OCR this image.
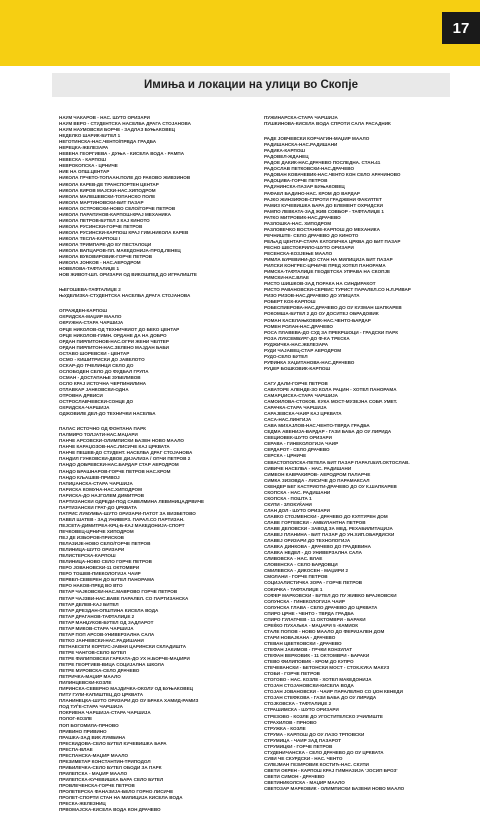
17
Имиња и локации на улици во Скопје
НАУМ ЧАКАРОВ - НАС. ШУТО ОРИЗАРИ
НАУМ ВЕРО - СТУДЕНТСКА НАСЕЛБА ДРАГА СТОЈАНОВА
НАУМ НАУМОВСКИ БОРЧЕ - ЗАДЛАЗ БУЊАКОВЕЦ
НЕДЕЛКО ШАРИК-БУТЕЛ 1
НЕГОТИНСКА-НАС.ЧЕНТО/ПРВДА ГРАДБА
НЕРЕЦКА-ЖЕЛЕЗАРА
НЕВЕНА ГЕОРГИЕВА - ДУЊА - КИСЕЛА ВОДА - РАМПА
НЕВЕСКА - КАРПОШ
НЕВРОКОПСКА - ЦРНИЧЕ
НИЕ НА ОПШ.ЦЕНТАР
НИКОЛА ГРЧЕТО-ТОПААН.ПОЛЕ ДО РАКОВО ЖИВЗИНОВ
НИКОЛА КАРЕВ-ДЕ ТРАНСПОРТЕН ЦЕНТАР
НИКОЛА КИРОВ МАЈСКИ-НАС.ХИПОДРОМ
НИКОЛА МАЛЕШЕВСКИ-ТОПАНСКО ПОЛЕ
НИКОЛА МАРТИНОВСКИ-БИТ ПАЗАР
НИКОЛА ОСТРОВСКИ-НОВО СЕЛО/ГОРЧЕ ПЕТРОВ
НИКОЛА ПАРАПУНОВ-КАРПОШ-КРАЈ МЕХАНИКА
НИКОЛА ПЕТРОВ-БУТЕЛ 2 КАЈ КИНОТО
НИКОЛА РУСИНСКИ-ГОРЧЕ ПЕТРОВ
НИКОЛА РУСИНСКИ-КАРПОШ КРАЈ ГИМ.НИКОЛА КАРЕВ
НИКОЛА ТЕСЛА-КАРПОШ І
НИКОЛА ТРИМПАРЕ-ДО ЕУ ПЕСТАЛОЦИ
НИКОЛА ВАПЦАРОВ-ПЛ. МАКЕДОНИЈА-ПРОД.ЛЕНЕЦ
НИКОЛА ВУКОВИРОВИК-ГОРЧЕ ПЕТРОВ
НИКОЛА ЈОНКОВ - НАС.АЕРОДРОМ
НОВЕЛОВА-ТАФТАЛИЏЕ 1
НОВ ЖИВОТ-ШЛ. ОРИЗАРИ ОД ВИКОШПЕД ДО ИГРАЛИШТЕ
ЊЕГОШЕВА-ТАФТАЛИЏЕ 2
ЊУДЕЛИЗКА-СТУДЕНТСКА НАСЕЛБА ДРАГА СТОЈАНОВА
ОГРАЖДЕН-КАРПОШ
ОХРИДСКА-МАЏИР МААЛО
ОКРУЖНА-СТАРА ЧАРШИЈА
ОРЦЕ НИКОЛОВ-ОД ТЕХНИЧКИОТ ДО БЕКО ЦЕНТАР
ОРЦЕ НИКОЛОВ-ГИМН. ОРДАНЕ ДА НА ДОБРО
ОРДАН ПИРЛИТОНОВ-НАС.ОГРИ ЖЕНИ ЧЕЛТЕР
ОРДАН ПИРЛИТОН-НАС.ЗЕЛЕНО МАЈДАН БАБИ
ОСТАВО ШОРЕВСКИ - ЦЕНТАР
ОСМО - КИШИТРИСКИ ДО ЈАВЕЛОТО
ОСКАР-ДО ПЧЕЛИНЦИ СЕЛО ДО
ОСЛОБОДЕН СЕЛО ДО ФУДБАЛ ГРУПА
ОСМАН - ДОСТАПАЊЕ ЗУБЕЛИВОВ
ОСЛО КРАЈ ИСТОЧНА ЧЕРПИНИЛИНА
ОТЛАВКАР ЈАНКОВСКИ-ОДНА
ОТРОВНА ДРВИСИ
ОСТРОСЛАВЧЕВСКИ-СОНЦЕ ДО
ОХРИДСКА-ЧАРШИЈА
ОДЖОВИЛЕ ДЕЛ-ДО ТЕХНИЧКИ НАСЕЛБА
ПАЛАС ИСТОЧНО ОД ФОНТАНА ПАРК
ПАЛМИРО ТОЛЈАТИ-НАС.МАЏАРИ
ПАНЧЕ АРСОВСКИ-ОЛИМПИСКИ БАЗЕН НОВО МААЛО
ПАНЧЕ КАРАЏОЗОВ-НАС.ЛИСИЧЕ КАЈ ЦРКВАТА
ПАНЧЕ ПЕШЕВ-ДО СТУДЕНТ. НАСЕЛБА ДРАГ СТОЈАНОВА
ПАНДИЛ ГУНКОВСКИ-ДВОЕ ДИЈАЛИЗА / ОПЧИ ПЕТРОВ 2
ПАНДО ДОБРЕВСКИ-НАС.БАРДАР СТАР АЕРОДРОМ
ПАНДО БРАШНАРОВ-ГОРЧЕ ПЕТРОВ НАС.КРОМ
ПАНДО КЉАШЕВ-ПРИВОЈ
ПАПИЏАНСКА-СТАРА ЧАРШИЈА
ПАРИСКА КОМУНА-НАС.ХИПОДРОМ
ПАРИСКА-ДО НАЈГОЛЕМ ДИМИТРОВ
ПАРТИЗАНСКИ ОДРЕДИ-ПОД САВЕЛМИНА ЛЕВИНИЦАДРВИЧЕ
ПАРТИЗАНСКИ ГРАТ-ДО ЏРКВАТА
ПАТРИС ЛУМУМБА-ШУТО ОРИЗАРИ-ПАТОТ ЗА ВИЗБЕТОВО
ПАВЕЛ ШАТЕВ - ЗАД УНИВЕРЗ. ПАРАЛ.СО ПАРТИЗАН.
ПЕЈСЕТА-ДИМИТРЕА-КРЦ-Б-КАЈ МАКЕДОНИЈА-СПОРТ
ПЕЧКОВЕЦ-ЦРНИЧЕ ХИПОДРОМ
ПЕЈ ДЕ ИЗБОРОВ-ПРИСКОВ
ПЕЛАЗИЈЕ-НОВО СЕЛО/ГОРЧЕ ПЕТРОВ
ПЕЛИНИЦА-ШУТО ОРИЗАРИ
ПЕЛИСТЕРСКА-КАРПОШ
ПЕЛИНИЦА-НОВО СЕЛО ГОРЧЕ ПЕТРОВ
ПЕРО ЈОВАНОВСКИ-11 ОКТОМВРИ
ПЕРО ТОШЕВ-ПИЕКОЛОГИЈА ЧАИР
ПЕРВЕЛ-СЕВЕРЕН ДО БУТЕЛ ПАНОРАМА
ПЕРО НАКОВ-ПРЕД ВО ВТО
ПЕТАР ЧАЈКОВСКИ-НАС.МАВРОВО ГОРЧЕ ПЕТРОВ
ПЕТАР ЧАЈЗВИ-НАС.ВАВЕ ПАРАЛЕЛ. СО ПАРТИЗАНСКА
ПЕТАР ДЕЛЕВ-КАЈ БИТЕЛ
ПЕТАР ДРЕЗДАН-ОПШТИНА КИСЕЛА ВОДА
ПЕТАР ДРАГАНОВ-ТАФТАЛИЏЕ 2
ПЕТАР МАНЏУКОВ-БУТЕЛ ОД ЗАДЛАРОТ
ПЕТАР МИКОВ-СТАРА ЧАРШИЈА
ПЕТАР ПОП АРСОВ-УНИВЕРЗАЛНА САЛА
ПЕТКО ЈАНЧЕВСКИ-НАС.РАДИШАНИ
ПЕТНАЕСЕТИ КОРПУС-ЈАВНИ ЦАРИНСКИ СКЛАДИШТА
ПЕТРЕ ЧАНГОВ-СЕЛО БУТЕЛ
ПЕТРЕ ФИЛИПОВСКИ ГАРКАТА-ДО УХ Н.БОРЧЕ-МАЏИРИ
ПЕТРЕ ГЕОРГИЕВ-ВИЦА СОЦИЈАЛНА ШКОЛА
ПЕТРЕ МУРОВСКА-СЕЛО ДРАЧЕВО
ПЕТРИЧКА-МАЏИР МААЛО
ПИЛИНЦЕВСКИ-КОЗЛЕ
ПИРИНСКА-СЕВЕРНО МАЈДИЧКА-ОКОЛУ ОД БУЊАКОВЕЦ
ПИТУ ГУЛИ-КАПИШТЕЦ ДО ЦРКВАТА
ПЛАНИНЕЦКА-ШУТО ОРИЗАРИ ДО ОУ БРАКА ХАМИД-РАМИЗ
ПОД ТУЃЕ-СТАРА ЧАРШИЈА
ПОКРИЕНА ЧАРШИЈА-СТАРА ЧАРШИЈА
ПОЛОГ-КОЗЛЕ
ПОП БОГОМИЛА-ПРНОВО
ПРИВИНО ПРИВИНО
ПРАШКА-ЗАД ВИК ЛУМБИНА
ПРЕСКИДОВА-СЕЛО БУТЕЛ КУЧЕВИШКА БАРА
ПРЕСПА-ВЛАЕ
ПРЕСПАНСКА-МАЏИР МААЛО
ПРЕЗИМЕТАР КОНСТАНТИН-ТРИПОДОЛ
ПРИБИЛЕЧКА-СЕЛО БУТЕЛ ОБОДИ ЗА ПАРК
ПРИЛЕПСКА - МАЏИР МААЛО
ПРИЛЕПСКА-КУЧЕВИШКА БАРА СЕЛО БУТЕЛ
ПРОВЛЕЧЕНСКА-ГОРЧЕ ПЕТРОВ
ПРОЛЕТЕРСКА ФАНАЗИЈА-БЕЛО ГОРНО ЛИСИЧЕ
ПРОЛЕТ-СПОРТИ СТАН НА МИЛИЦИЈА КИСЕЛА ВОДА
ПРЕСКА-ЖЕЛЕЗНИЦ
ПРВОМАЈСКА-КИСЕЛА ВОДА КОН ДРАЧЕВО
ПУЖИНАРСКА-СТАРА ЧАРШИЈА
ПУШКИНОВА-КИСЕЛА ВОДА СПРОТИ САЛА РАСАДНИК
РАДЕ ЈОВЧЕВСКИ КОРЧАГИН-МАЏИР МААЛО
РАДИШАНСКА-НАС.РАДИШАНИ
РАДИКА-КАРПОШ
РАДОВЕЛ-ЖДАНЕЦ
РАДОЕ ДАКИК-НАС.ДРАЧЕВО ПОСЛЕДНА. СТАН.41
РАДОСЛАВ ПЕТКОВСКИ-НАС.ДРАЧЕВО
РАДОВАН КОВАЧЕВИК-НАС.ЧЕНТО КОН СЕЛО АРАЧИНОВО
РАДОЦИВА-ГОРЧЕ ПЕТРОВ
РАДУНИНСКА-ПАЗАР БУЊАКОВЕЦ
РАФАЕЛ БАДИНО-НАС. КРОМ ДО ВАРДАР
РАЈКО ЖИНЗИФОВ-СПРОТИ ГРАДЖЕНИ ФАКУЛТЕТ
РАМИЗ КУЧЕВИШКА БАРА ДО ЕЛЕМЕНТ ОХРИДСКИ
РАМПО ЛЕВКАТА-ЗАД ЖИВ СОВБОР - ТАФТАЛИЏЕ 1
РАТКО МИТРОВИК-НАС.ДРАЧЕВО
РАЗЛОШКА-НАС. ХИПОДРОМ
РАЗЛОВЕЧКО ВОСТАНИЕ-КАРПОШ ДО МЕХАНИКА
РЕЧНИШТЕ- СЕЛО ДРАЧЕВО ДО КИНОТО
РЕЉАД ЦЕНТАР-СТАРА КАТОЛИЧКА ЦРКВА ДО БИТ ПАЗАР
РЕСНО ШЕСТОКРИЛО-ШУТО ОРИЗАРИ
РЕСЕНСКА-КОЗЈЕЊЕ МААЛО
РИМЛА БУРЕВИНИ-ДО СТАН НА МИЛИЦИЈА БИТ ПАЗАР
РИЛСКИ КОНГРЕС-ЦРНИЧЕ ПРЕД ХОТЕЛ ПАНОРАМА
РИМСКА-ТАФТАЛИЏЕ ГЕОДЕТСКА УПРАВА НА СКОПЈЕ
РИМСКИ-НАС.ВЛАЕ
РИСТО ШИШКОВ-ЗАД ПОРАКА НА СИНДИРАКОТ
РИСТО РАВАНОВСКИ-СЕРВИС ТУРИСТ ПАРАЛЕЛ.СО Н.Л.РИВАР
РИЗО РИЗОВ-НАС.ДРАЧЕВО ДО УЛИЦАТА
РОБЕРТ КОХ-КАРПОШ
РОБЕСПИЕРОВА-НАС.ДРАЧЕВО ДО ОУ КУЗМАН ШАПКАРЕВ
РОКОМША-БУТЕЛ 2 ДО ОУ ДОСИТЕЈ ОБРАДОВИК
РОМАН КАСЕЛАЊКОВИК-НАС.ЧЕНТО-БАРДАР
РОМЕН РОЛАН-НАС.ДРАЧЕВО
РОСА ПЛАВЕВА-ДО СУД ЗА ПРЕКРШОЦИ - ГРАДСКИ ПАРК
РОЗА ЛУКСЕМБУРГ-ДО Ф-КА ТРЕСКА
РУДЖИЧКА-НАС.ЖЕЛЕЗАРА
РУДИ ЧАЈАВЕЦ-СТАР АЕРОДРОМ
РУДО-СЕЛО БУТЕЛ
РУФИНКА ХАЏИТАНОВА-НАС.ДРАЧЕВО
РУЏЕР БОШКОВИК-КАРПОШ
САГУ ДАЛИ-ГОРЧЕ ПЕТРОВ
САВАТОРЕ АЛЕНДЕ-ЗО КОЛА РАЦИН - ХОТЕЛ ПАНОРАМА
САМАРЏИСКА-СТАРА ЧАРШИЈА
САМОИЛОВА-СТОКОВ. КУКА МОСТ-МУЗЕЈНА СОБР. УМЕТ.
САРАЧКА-СТАРА ЧАРШИЈА
САРАЈЕВСКА-ЧАИР КАЈ ЦРКВАТА
САСА-НАС.ЛИНГИЈА
САВА МИХАЈЛОВ-НАС.ЧЕНТО-ТВРДА ГРАДБА
СЕДМА АВЕНИЈА-ВАРДАР - ГАЗИ БАБА ДО ОУ ЛИРИДА
СЕЕЦИОВЕК-ШУТО ОРИЗАРИ
СЕРАВА - ГИНЕКОЛОГИЈА ЧАИР
СЕРДАРОТ - СЕЛО ДРАЧЕВО
СЕРСКА - ЦРНИЧЕ
СЕВАСТОПОЛСКА-ПЕТЕЛА БИТ ПАЗАР ПАРАЛ.БУЛ.ОКТОСЛАВ.
СИВИЧЕ НАСЕЛБА - НАС. РАДИШАНИ
СИМЕОН КАВРАКИРОВ- АЕРОДРОМ ПАЛАРЧЕ
СИМКА ЗИЗОВДА - ЛИСИЧЕ ДО ПАРАМАКСАЛ
СКЕНДЕР БЕГ КАСТРИОТИ-ДРАЧЕВО ДО ОУ К.ШАПКАРЕВ
СКОПСКА - НАС. РАДИШАНИ
СКОПСКА - ПОШТА 1
СКУПИ - ЗЛОКУЌАНИ
СЛАН ДОЛ - ШУТО ОРИЗАРИ
СЛАВКО СТОЈМЕНСКИ - ДРАЧЕВО ДО КУЛТУРЕН ДОМ
СЛАВЕ ГОРГЕВСКИ - АМБУЛАНТНА ПЕТРОВ
СЛАВЕ ДЕЛОВСКИ - ЗАВОД ЗА МЕД. РЕХАБИЛИТАЦИЈА
СЛАВЕЈ ПЛАНИНА - БИТ ПАЗАР ДО УН.ХИП.ОБАРДИСКИ
СЛАВЕЈ ОРИЗАРИ ДО ТЕХНОЛОГИЈА
СЛАВКА ДИНКОВА - ДРАЧЕВО ДО ГРАДЕВИНА
СЛАВКА НЕДЕЛ - ДО УНИВЕРЗАЛНА САЛА
СЛИВОВСКА - НАС. ВЛАЕ
СЛОВЕНСКА - СЕЛО БАРДОВЦИ
СМИЛЕВСКА - ДИКОСЕН - МАЏИРИ 2
СМОЛАНИ - ГОРЧЕ ПЕТРОВ
СОЦИЈАЛИСТИЧКА ЗОРА - ГОРЧЕ ПЕТРОВ
СОКИЧКА - ТАФТАЛИЏЕ 1
СОФЕР МАРКОВСКИ - БУТЕЛ ДО ПУ ЖИВКО БРАЈКОВСКИ
СОЛУНСКА - ГИНЕКОЛОГИЈА ЧАИР
СОЛУНСКА ГЛАВА - СЕЛО ДРАЧЕВО ДО ЦРКВАТА
СПИРО ЦРНЕ - ЧЕНТО - ТВРДА ГРАДБА
СПИРО ГУЛАПЧЕВ - 11 ОКТОМВРИ - БАРАКИ
СРЕЌКО ПУХАЉКА - МАЏАРИ 5 -КАМИОК
СТАЛЕ ПОПОВ - НОВО МААЛО ДО ФЕРИЈАЛЕН ДОМ
СТАРИ НОВАЈКАНА - ДРАЧЕВО
СТЕВАН ЦВЕТКОВСКИ - ДРАЧЕВО
СТЕФАН ЈАКИМОВ - ГРЧКИ КОНЗУЛАТ
СТЕФАН ВЕРКОВИК - 11 ОКТОМВРИ - БАРАКИ
СТЕВО ФИЛИПОВИК - КРОМ ДО КУПРО
СТЕЧЕВАНСКИ - БЕТОНСКИ МОСТ - СТОК.КУКА МАКУЗ
СТОБИ - ГОРЧЕ ПЕТРОВ
СТОГОВО - НАС. КОЗЛЕ - ХОТЕЛ МАКЕДОНИЈА
СТОЈАН СТОЈАНОВСКИ-КИСЕЛА ВОДА
СТОЈАН ЈОВАНОВСКИ - ЧАИР ПАРАЛЕЛНО СО ЏОН КЕНЕДИ
СТОЈАН СТЕФКОВА - ГАЗИ БАБА ДО ОУ ЛИРИДА
СТОЈКОВСКА - ТАФТАЛИЏЕ 2
СТРАШИМСКА - ШУТО ОРИЗАРИ
СТРЕЗОВО - КОЗЛЕ ДО УГОСТИТЕЛСКО УЧИЛИШТЕ
СТРАХИЛОВ - ПРНОВО
СТРУЖКА - КОЗЛЕ
СТРУМА - КАРПОШ ДО ОУ ЛАЗО ТРПОВСКИ
СТРУМИЦА - ЧАИР ЗАД ПАЗАРОТ
СТРУМИЦКИ - ГОРЧЕ ПЕТРОВ
СТУДЕНИЧАНСКА - СЕЛО ДРАЧЕВО ДО ОУ ЦРКВАТА
СУВИ ЧЕ СКУРДСКИ - НАС. ЧЕНТО
СУЛЕЈМАН ГЕЗИРОВИК КОСТИЋ-НАС. СКУПИ
СВЕТИ ОКРЕН - КАРПОШ КРАЈ ГИМНАЗИЈА 'ЈОСИП БРОЗ'
СВЕТИ СИМОН - ДРАЧЕВО
СВЕТИНИКОЛСКА - МАЏИР МААЛО
СВЕТОЗАР МАРКОВИК - ОЛИМПИСКИ БАЗЕНИ НОВО МААЛО
